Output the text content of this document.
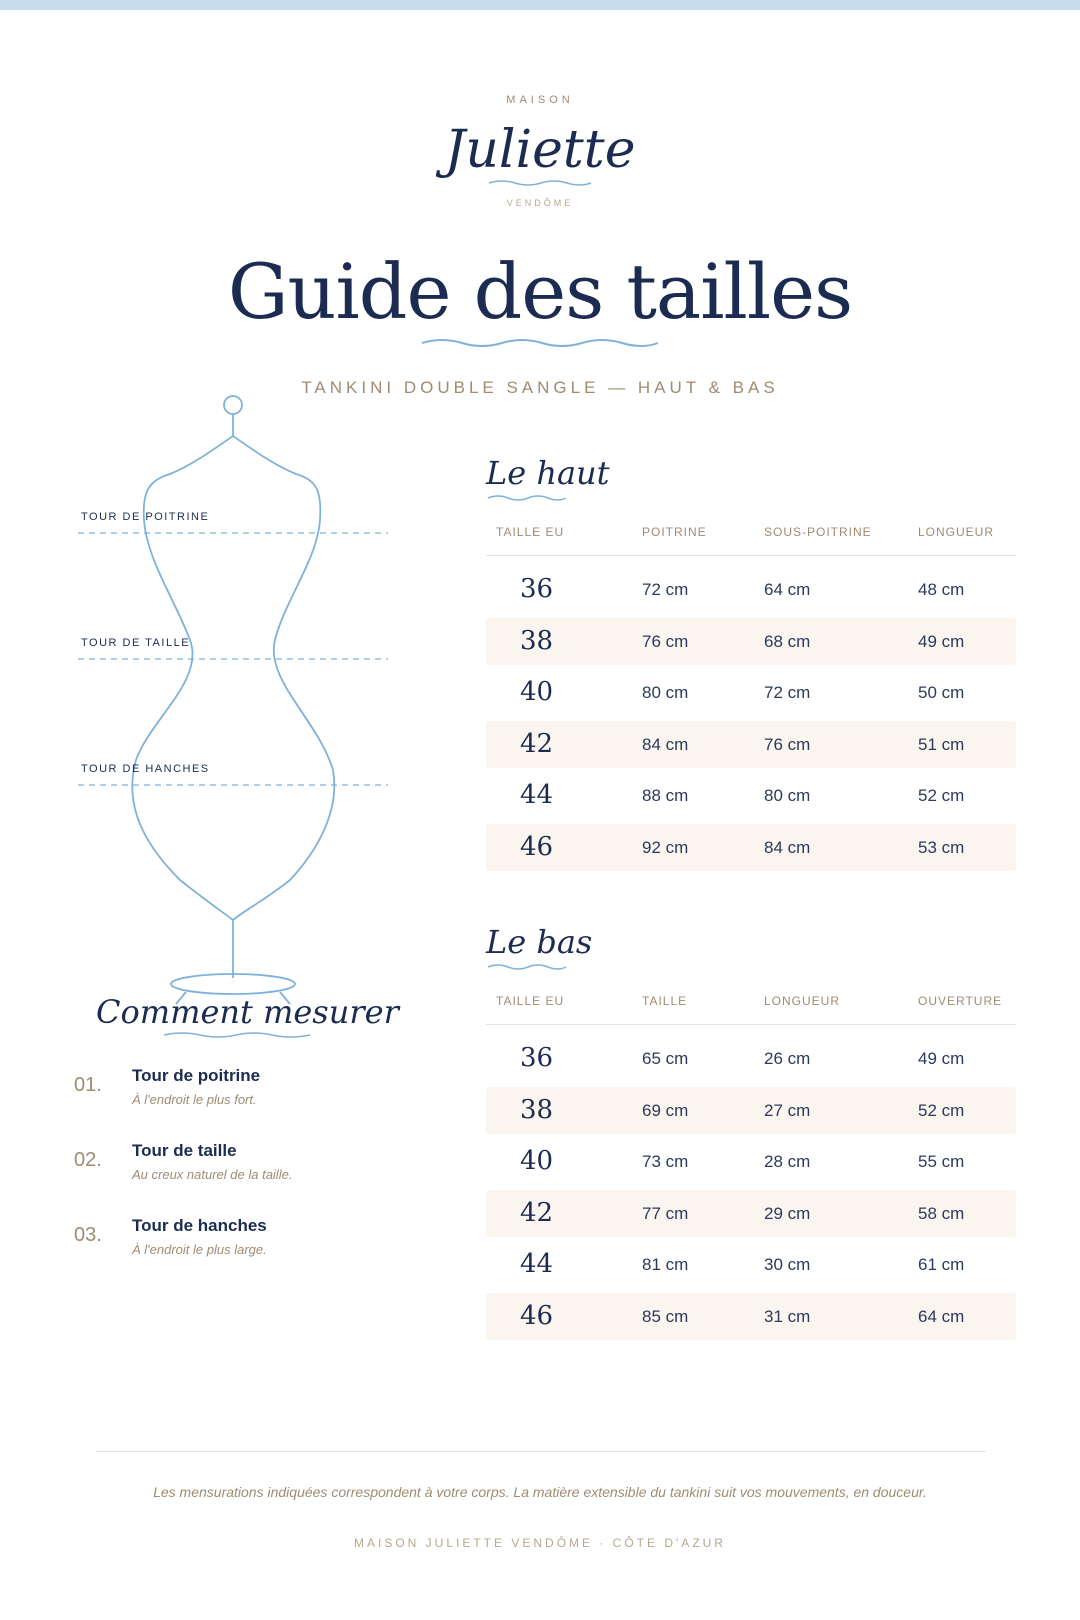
MAISON
Juliette
VENDÔME
Guide des tailles
TANKINI DOUBLE SANGLE — HAUT & BAS
TOUR DE POITRINE
TOUR DE TAILLE
TOUR DE HANCHES
Comment mesurer
01. Tour de poitrine
À l'endroit le plus fort.
02. Tour de taille
Au creux naturel de la taille.
03. Tour de hanches
À l'endroit le plus large.
Le haut
TAILLE EU	POITRINE	SOUS-POITRINE	LONGUEUR
36	72 cm	64 cm	48 cm
38	76 cm	68 cm	49 cm
40	80 cm	72 cm	50 cm
42	84 cm	76 cm	51 cm
44	88 cm	80 cm	52 cm
46	92 cm	84 cm	53 cm
Le bas
TAILLE EU	TAILLE	LONGUEUR	OUVERTURE
36	65 cm	26 cm	49 cm
38	69 cm	27 cm	52 cm
40	73 cm	28 cm	55 cm
42	77 cm	29 cm	58 cm
44	81 cm	30 cm	61 cm
46	85 cm	31 cm	64 cm
Les mensurations indiquées correspondent à votre corps. La matière extensible du tankini suit vos mouvements, en douceur.
MAISON JULIETTE VENDÔME · CÔTE D'AZUR
